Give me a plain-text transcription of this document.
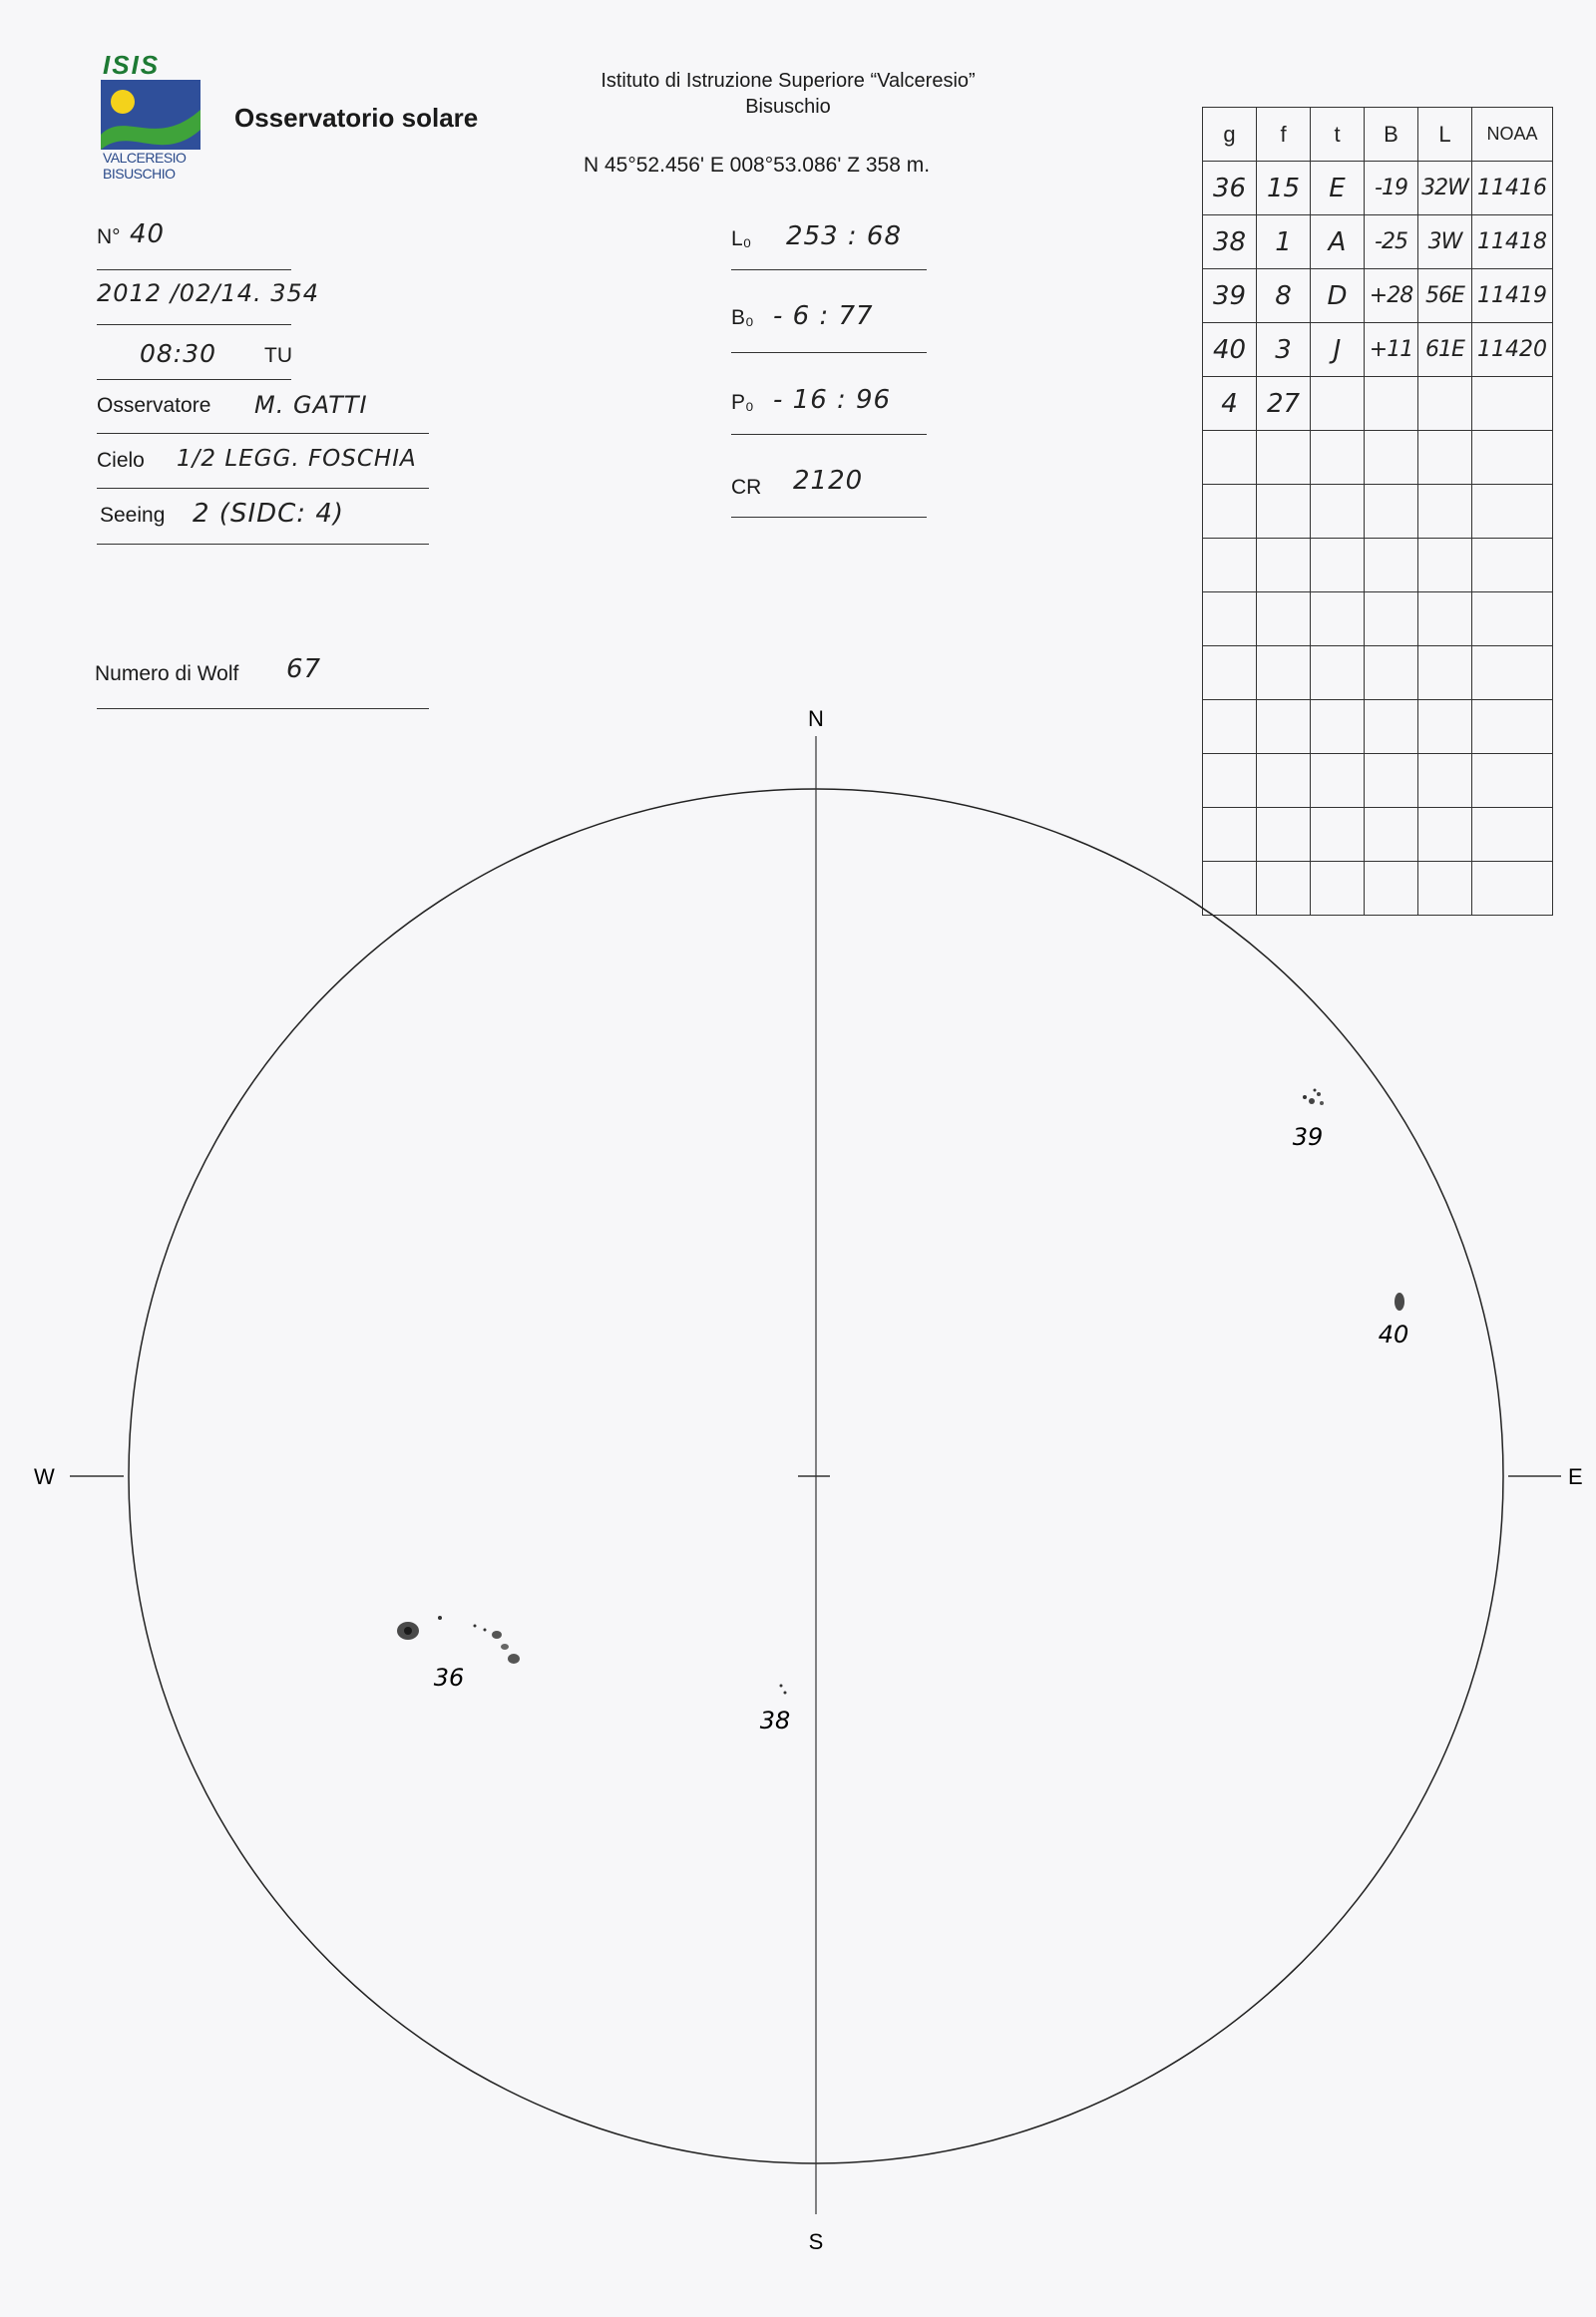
ISIS
VALCERESIO
BISUSCHIO
Osservatorio solare
Istituto di Istruzione Superiore “Valceresio”
Bisuschio
N 45°52.456' E 008°53.086' Z 358 m.
N° 40
2012 /02/14. 354
08:30 TU
Osservatore M. GATTI
Cielo 1/2 LEGG. FOSCHIA
Seeing 2 (SIDC: 4)
Numero di Wolf 67
L₀ 253 : 68
B₀ - 6 : 77
P₀ - 16 : 96
CR 2120
g	f	t	B	L	NOAA
36	15	E	-19	32W	11416
38	1	A	-25	3W	11418
39	8	D	+28	56E	11419
40	3	J	+11	61E	11420
4	27				

N
S
E
W
36
38
39
40
